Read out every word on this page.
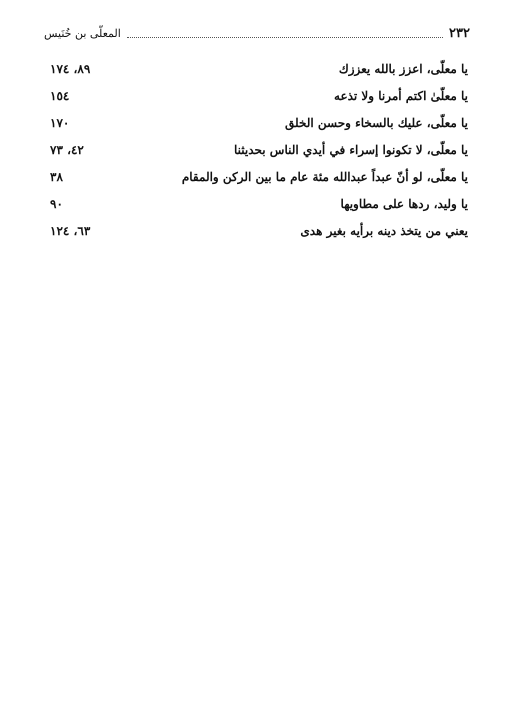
٢٣٢
المعلّى بن خُنَيس
يا معلّى، اعزز بالله يعززك
٨٩، ١٧٤
يا معلّىٰ اكتم أمرنا ولا تذعه
١٥٤
يا معلّى، عليك بالسخاء وحسن الخلق
١٧٠
يا معلّى، لا تكونوا إسراء في أيدي الناس بحديثنا
٤٢، ٧٣
يا معلّى، لو أنّ عبداً عبدالله مئة عام ما بين الركن والمقام
٣٨
يا وليد، ردها على مطاويها
٩٠
يعني من يتخذ دينه برأيه بغير هدى
٦٣، ١٢٤
